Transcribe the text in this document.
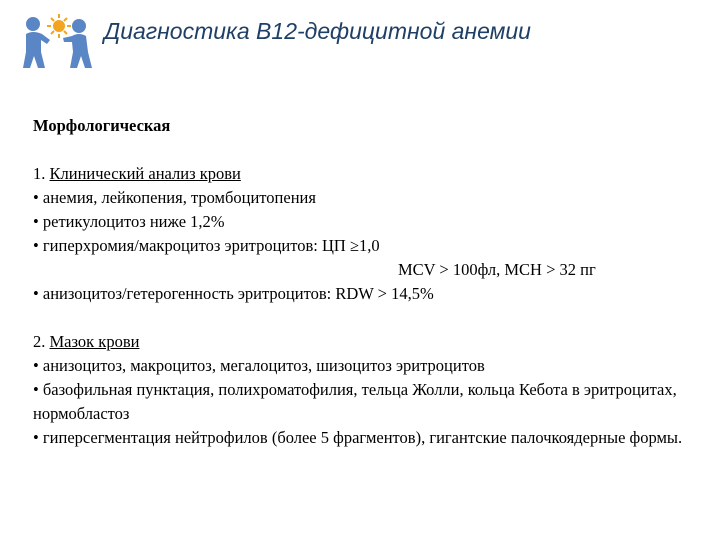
Диагностика В12-дефицитной анемии

Морфологическая

1. Клинический анализ крови

• анемия, лейкопения, тромбоцитопения

• ретикулоцитоз ниже 1,2%

• гиперхромия/макроцитоз эритроцитов: ЦП ≥1,0

MCV > 100фл, MCH > 32 пг

• анизоцитоз/гетерогенность эритроцитов: RDW > 14,5%

2. Мазок крови

• анизоцитоз, макроцитоз, мегалоцитоз, шизоцитоз эритроцитов

• базофильная пунктация, полихроматофилия, тельца Жолли, кольца Кебота в эритроцитах, нормобластоз

• гиперсегментация нейтрофилов (более 5 фрагментов), гигантские палочкоядерные формы.
